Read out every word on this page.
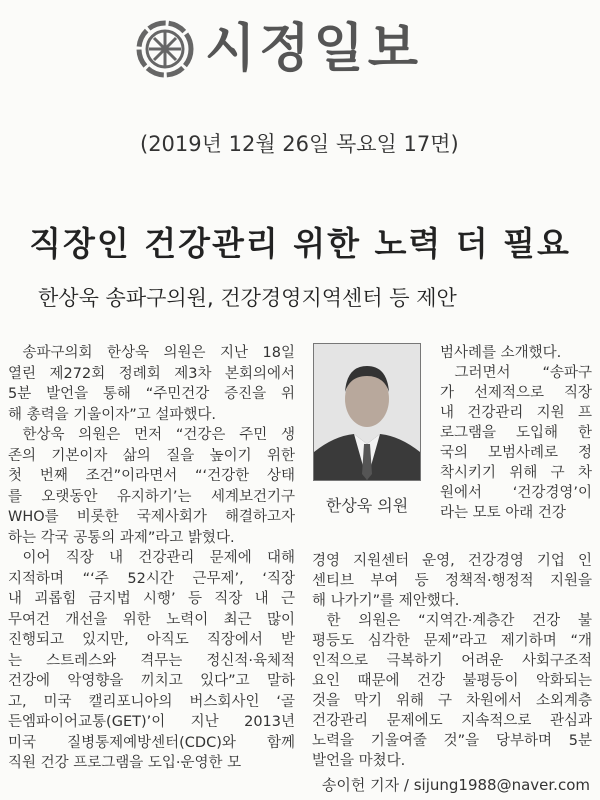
시정일보
(2019년 12월 26일 목요일 17면)
직장인 건강관리 위한 노력 더 필요
한상욱 송파구의원, 건강경영지역센터 등 제안
송파구의회 한상욱 의원은 지난 18일
열린 제272회 정례회 제3차 본회의에서
5분 발언을 통해 “주민건강 증진을 위
해 총력을 기울이자”고 설파했다.
한상욱 의원은 먼저 “건강은 주민 생
존의 기본이자 삶의 질을 높이기 위한
첫 번째 조건”이라면서 “‘건강한 상태
를 오랫동안 유지하기’는 세계보건기구
WHO를 비롯한 국제사회가 해결하고자
하는 각국 공통의 과제”라고 밝혔다.
이어 직장 내 건강관리 문제에 대해
지적하며 “‘주 52시간 근무제’, ‘직장
내 괴롭힘 금지법 시행’ 등 직장 내 근
무여건 개선을 위한 노력이 최근 많이
진행되고 있지만, 아직도 직장에서 받
는 스트레스와 격무는 정신적·육체적
건강에 악영향을 끼치고 있다”고 말하
고, 미국 캘리포니아의 버스회사인 ‘골
든엠파이어교통(GET)’이 지난 2013년
미국 질병통제예방센터(CDC)와 함께
직원 건강 프로그램을 도입·운영한 모
한상욱 의원
범사례를 소개했다.
그러면서 “송파구
가 선제적으로 직장
내 건강관리 지원 프
로그램을 도입해 한
국의 모범사례로 정
착시키기 위해 구 차
원에서 ‘건강경영’이
라는 모토 아래 건강
경영 지원센터 운영, 건강경영 기업 인
센티브 부여 등 정책적·행정적 지원을
해 나가기”를 제안했다.
한 의원은 “지역간·계층간 건강 불
평등도 심각한 문제”라고 제기하며 “개
인적으로 극복하기 어려운 사회구조적
요인 때문에 건강 불평등이 악화되는
것을 막기 위해 구 차원에서 소외계층
건강관리 문제에도 지속적으로 관심과
노력을 기울여줄 것”을 당부하며 5분
발언을 마쳤다.
송이헌 기자 / sijung1988@naver.com
